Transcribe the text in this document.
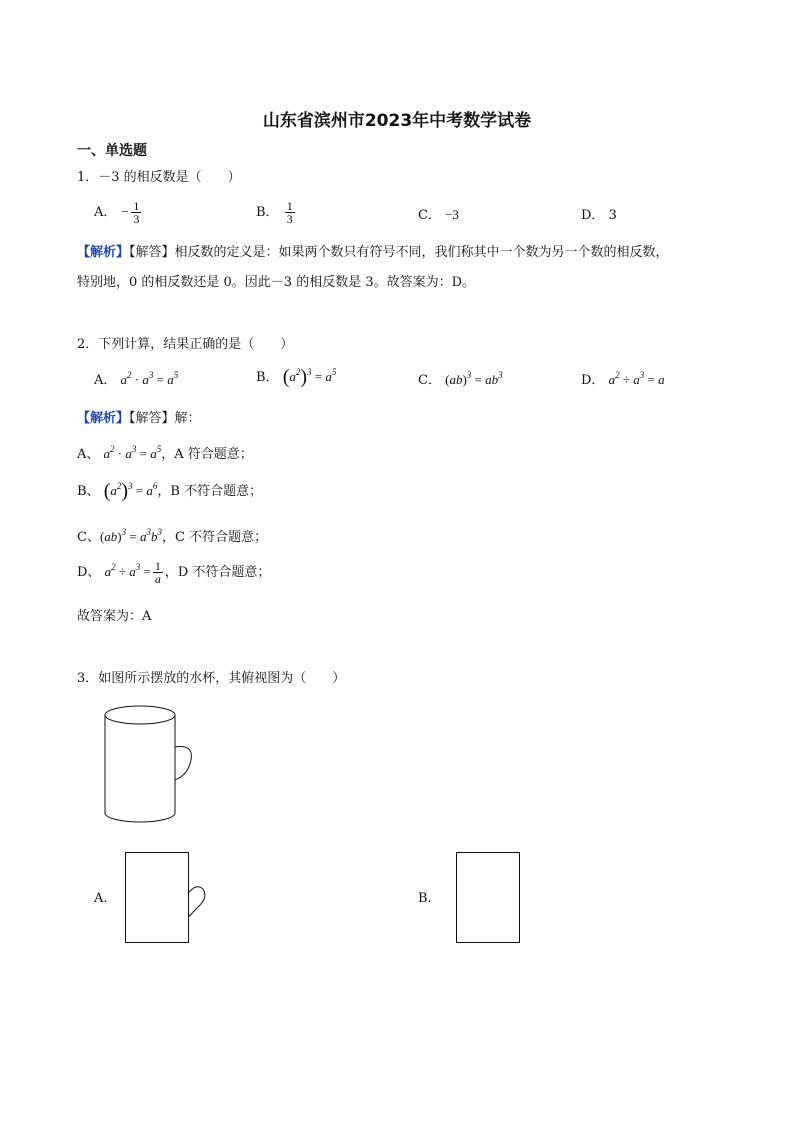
山东省滨州市2023年中考数学试卷
一、单选题
1．－3 的相反数是（　　）
A． − $\frac{1}{3}$	B． $\frac{1}{3}$	C． −3	D． 3
【解析】【解答】相反数的定义是：如果两个数只有符号不同，我们称其中一个数为另一个数的相反数，
特别地，0 的相反数还是 0。因此－3 的相反数是 3。故答案为：D。
2．下列计算，结果正确的是（　　）
A． $a^2 \cdot a^3 = a^5$	B． $(a^2)^3 = a^5$
C． $(ab)^3 = ab^3$	D． $a^2 \div a^3 = a$
【解析】【解答】解：
A、 $a^2 \cdot a^3 = a^5$，A 符合题意；
B、 $(a^2)^3 = a^6$，B 不符合题意；
C、$(ab)^3 = a^3b^3$，C 不符合题意；
D、 $a^2 \div a^3 = \frac{1}{a}$ ，D 不符合题意；
故答案为：A
3．如图所示摆放的水杯，其俯视图为（　　）
A.	B.
